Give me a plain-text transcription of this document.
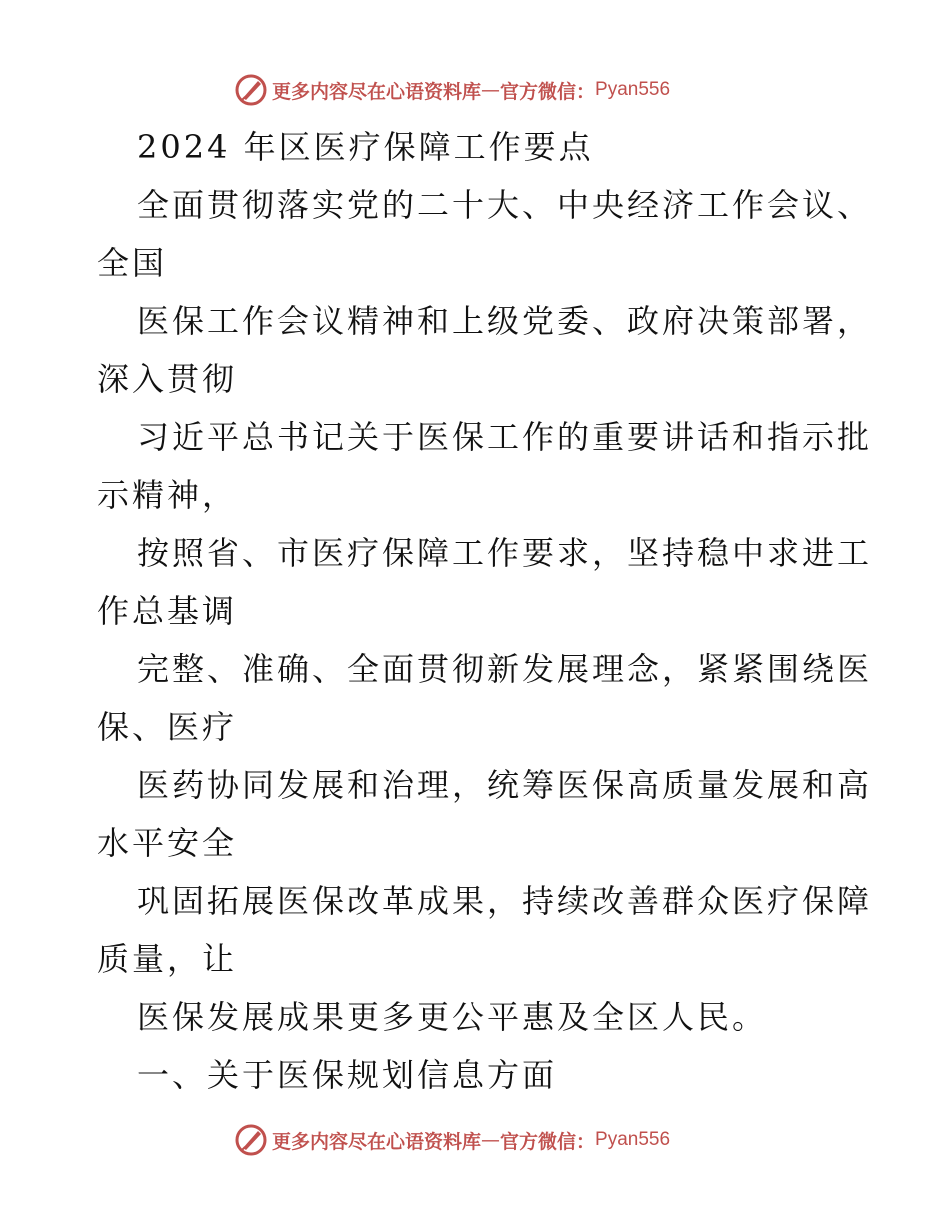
更多内容尽在心语资料库 — 官方微信： Pyan556
2024 年区医疗保障工作要点
全面贯彻落实党的二十大、中央经济工作会议、
全国
医保工作会议精神和上级党委、政府决策部署，
深入贯彻
习近平总书记关于医保工作的重要讲话和指示批
示精神，
按照省、市医疗保障工作要求，坚持稳中求进工
作总基调
完整、准确、全面贯彻新发展理念，紧紧围绕医
保、医疗
医药协同发展和治理，统筹医保高质量发展和高
水平安全
巩固拓展医保改革成果，持续改善群众医疗保障
质量，让
医保发展成果更多更公平惠及全区人民。
一、关于医保规划信息方面
更多内容尽在心语资料库 — 官方微信： Pyan556
